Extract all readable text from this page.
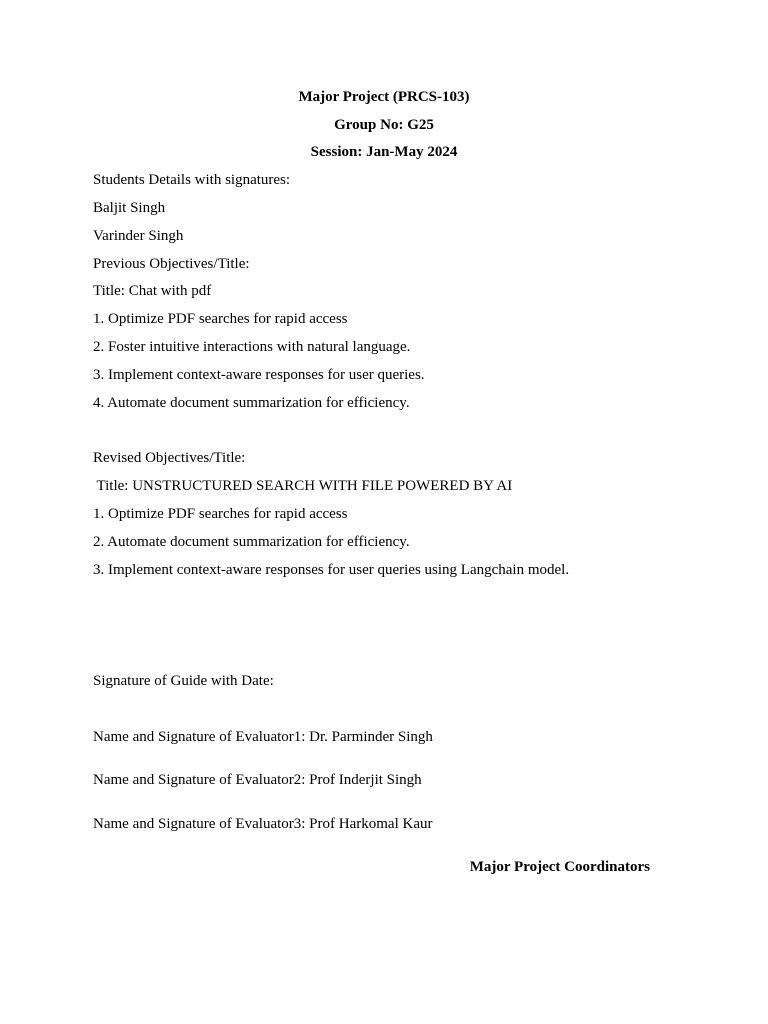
Major Project (PRCS-103)

Group No: G25

Session: Jan-May 2024

Students Details with signatures:

Baljit Singh

Varinder Singh

Previous Objectives/Title:

Title: Chat with pdf

1. Optimize PDF searches for rapid access

2. Foster intuitive interactions with natural language.

3. Implement context-aware responses for user queries.

4. Automate document summarization for efficiency.

Revised Objectives/Title:

Title: UNSTRUCTURED SEARCH WITH FILE POWERED BY AI

1. Optimize PDF searches for rapid access

2. Automate document summarization for efficiency.

3. Implement context-aware responses for user queries using Langchain model.

Signature of Guide with Date:

Name and Signature of Evaluator1: Dr. Parminder Singh

Name and Signature of Evaluator2: Prof Inderjit Singh

Name and Signature of Evaluator3: Prof Harkomal Kaur

Major Project Coordinators
